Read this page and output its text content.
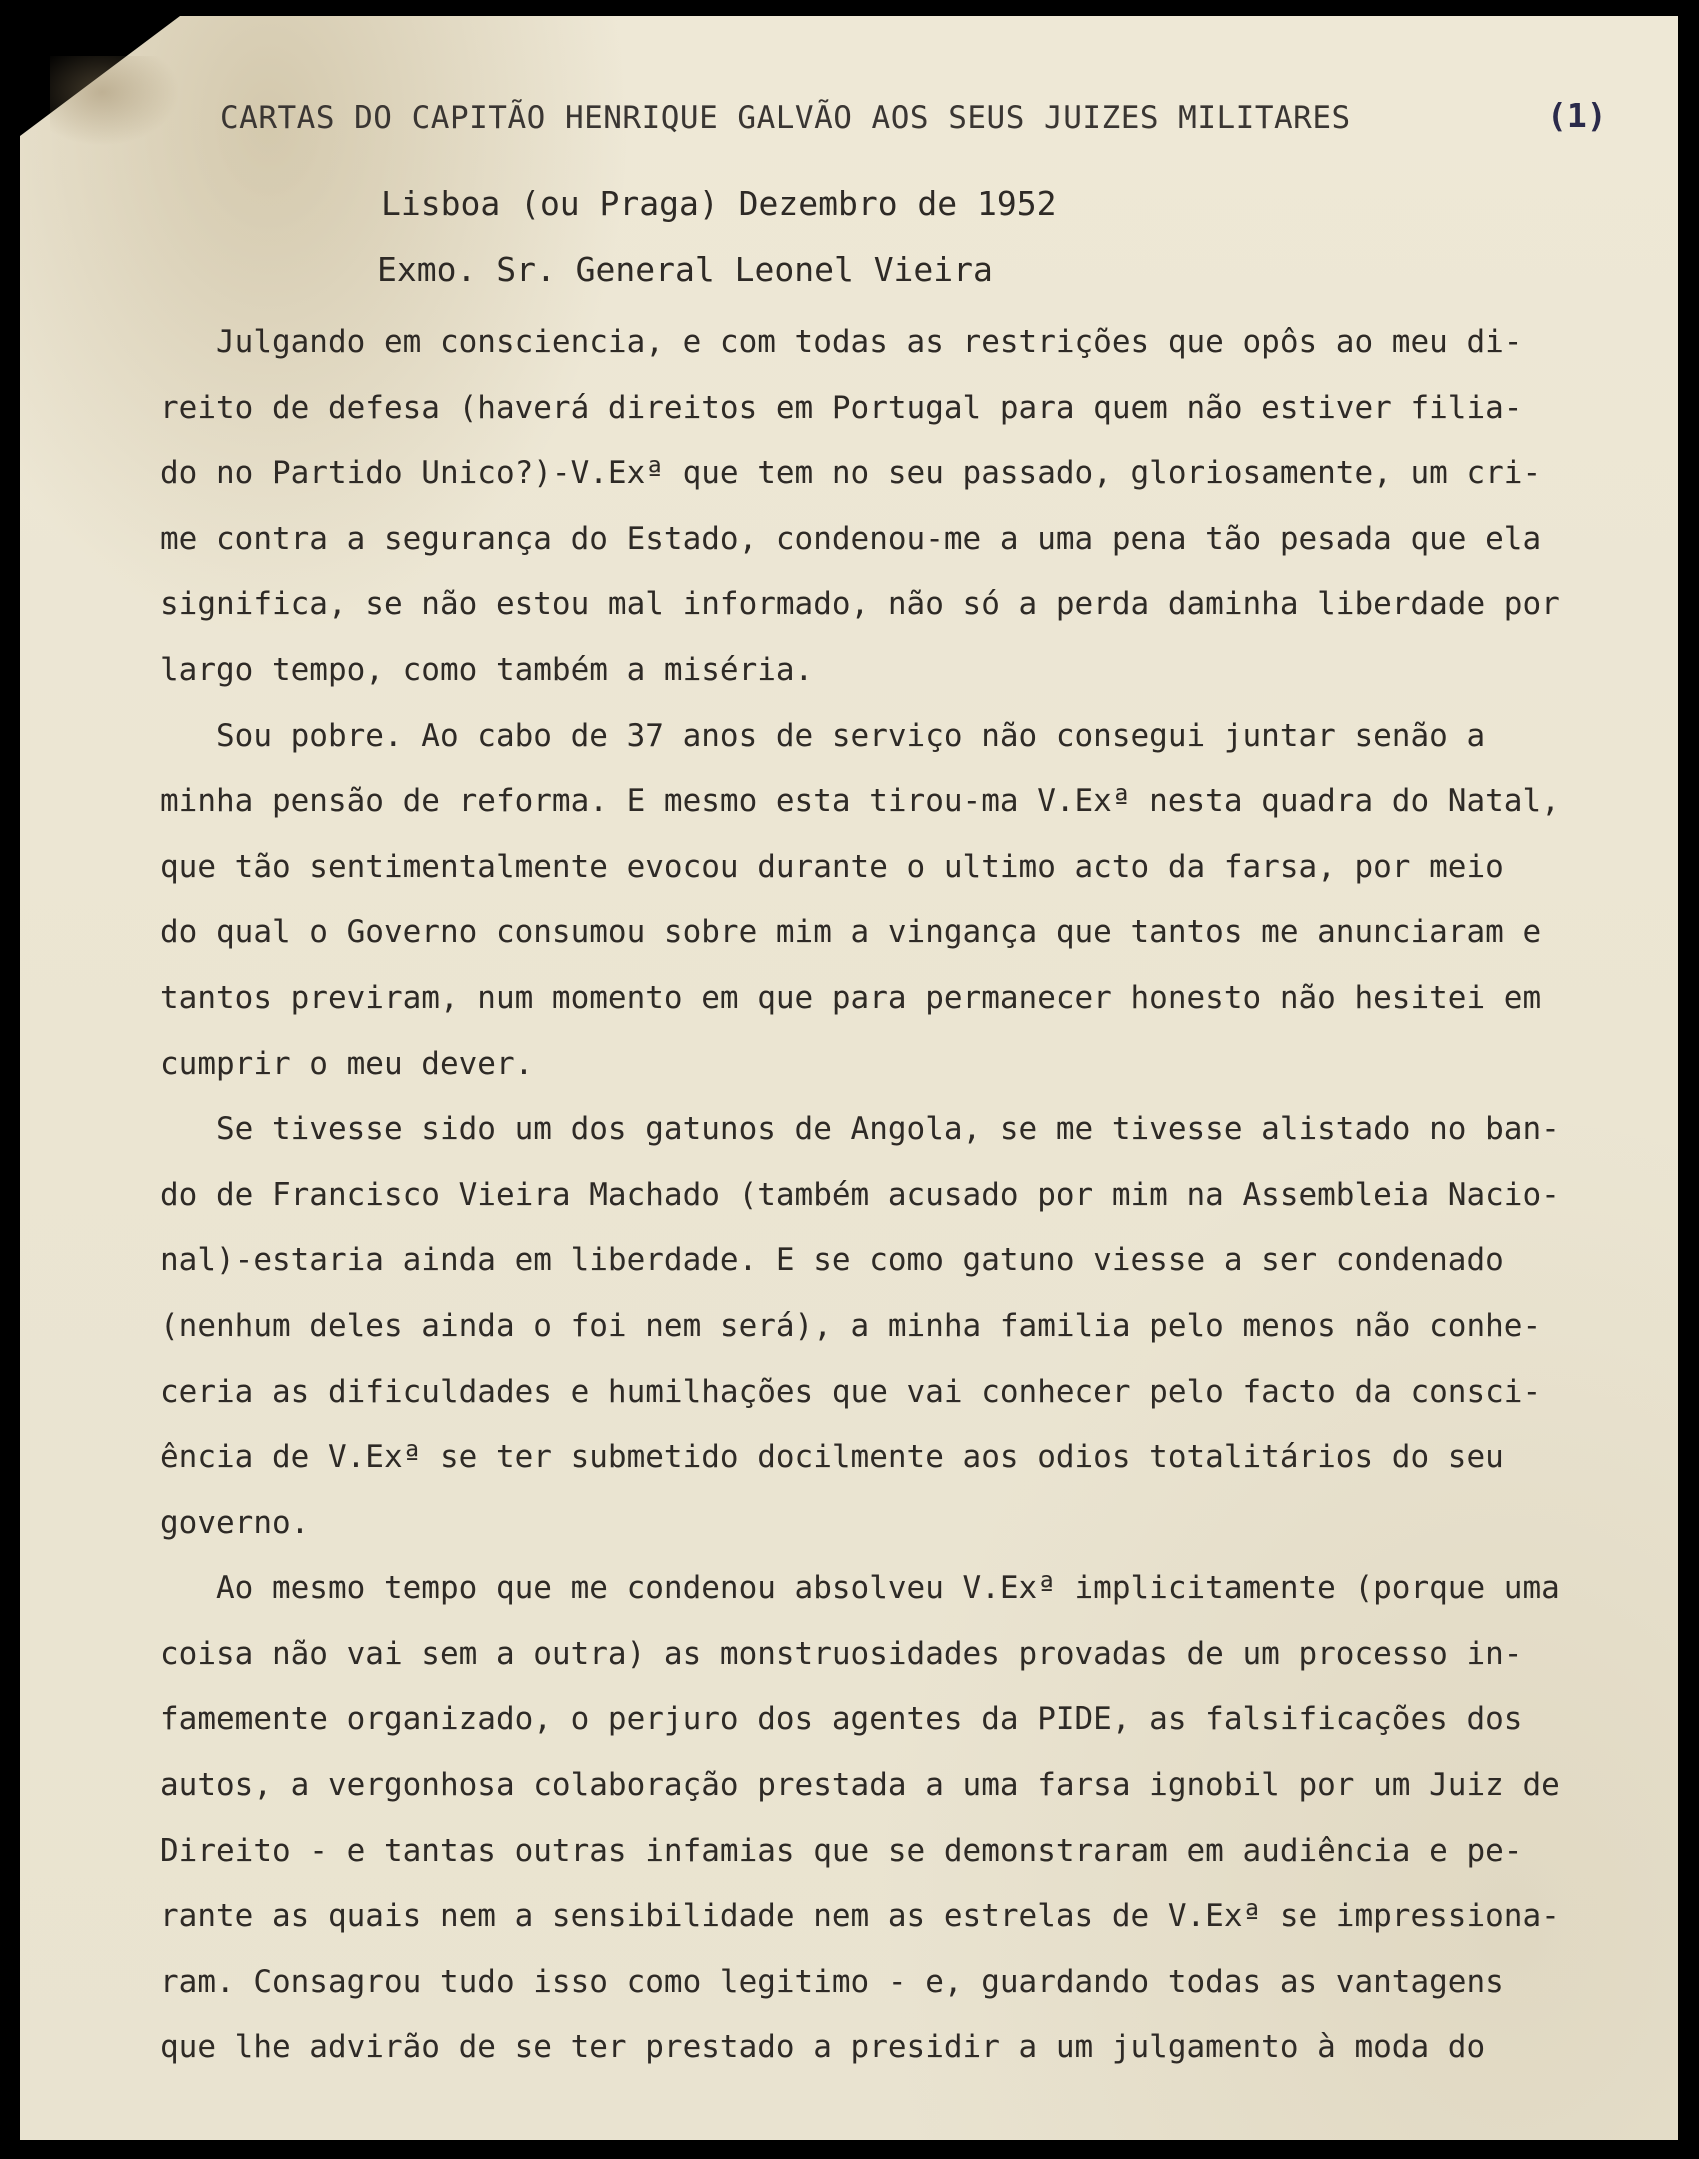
CARTAS DO CAPITÃO HENRIQUE GALVÃO AOS SEUS JUIZES MILITARES	(1)
Lisboa (ou Praga) Dezembro de 1952
Exmo. Sr. General Leonel Vieira
Julgando em consciencia, e com todas as restrições que opôs ao meu di-
reito de defesa (haverá direitos em Portugal para quem não estiver filia-
do no Partido Unico?)-V.Exª que tem no seu passado, gloriosamente, um cri-
me contra a segurança do Estado, condenou-me a uma pena tão pesada que ela
significa, se não estou mal informado, não só a perda daminha liberdade por
largo tempo, como também a miséria.
Sou pobre. Ao cabo de 37 anos de serviço não consegui juntar senão a
minha pensão de reforma. E mesmo esta tirou-ma V.Exª nesta quadra do Natal,
que tão sentimentalmente evocou durante o ultimo acto da farsa, por meio
do qual o Governo consumou sobre mim a vingança que tantos me anunciaram e
tantos previram, num momento em que para permanecer honesto não hesitei em
cumprir o meu dever.
Se tivesse sido um dos gatunos de Angola, se me tivesse alistado no ban-
do de Francisco Vieira Machado (também acusado por mim na Assembleia Nacio-
nal)-estaria ainda em liberdade. E se como gatuno viesse a ser condenado
(nenhum deles ainda o foi nem será), a minha familia pelo menos não conhe-
ceria as dificuldades e humilhações que vai conhecer pelo facto da consci-
ência de V.Exª se ter submetido docilmente aos odios totalitários do seu
governo.
Ao mesmo tempo que me condenou absolveu V.Exª implicitamente (porque uma
coisa não vai sem a outra) as monstruosidades provadas de um processo in-
famemente organizado, o perjuro dos agentes da PIDE, as falsificações dos
autos, a vergonhosa colaboração prestada a uma farsa ignobil por um Juiz de
Direito - e tantas outras infamias que se demonstraram em audiência e pe-
rante as quais nem a sensibilidade nem as estrelas de V.Exª se impressiona-
ram. Consagrou tudo isso como legitimo - e, guardando todas as vantagens
que lhe advirão de se ter prestado a presidir a um julgamento à moda do
